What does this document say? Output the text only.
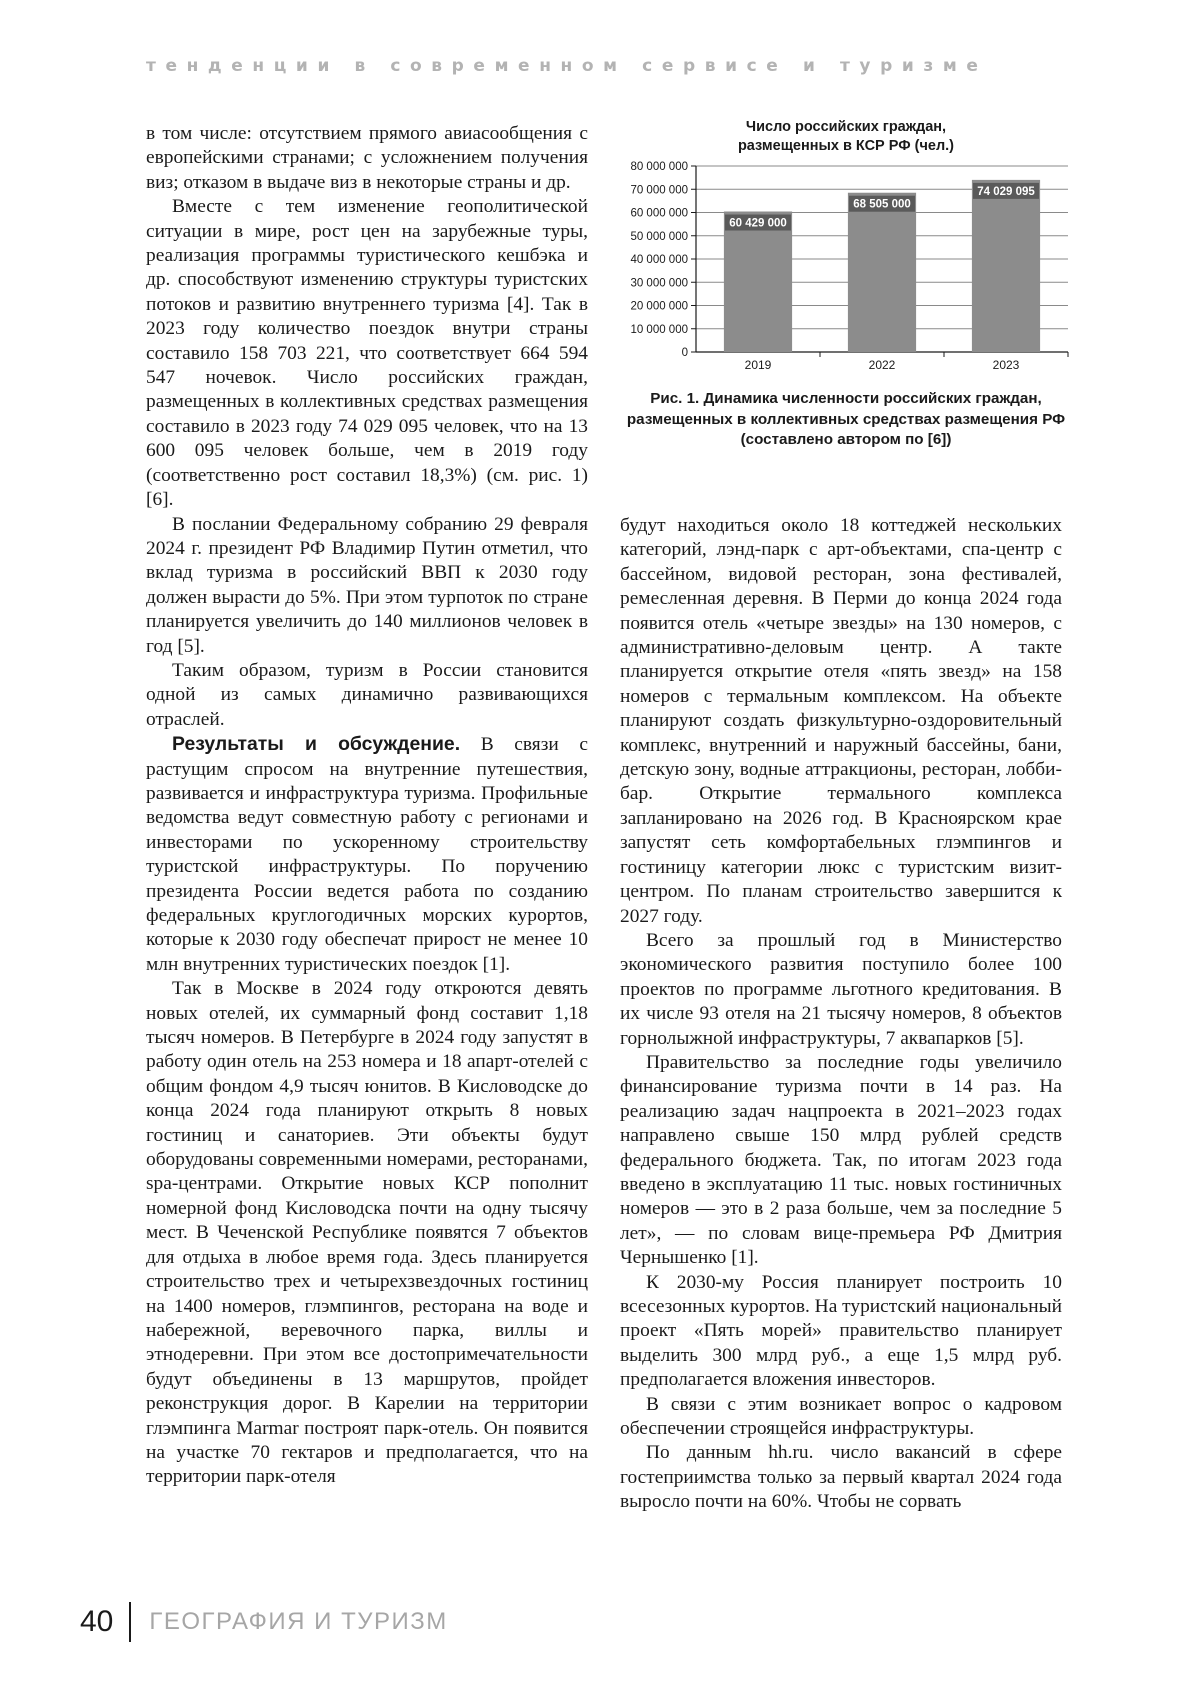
тенденции в современном сервисе и туризме

в том числе: отсутствием прямого авиасообщения с европейскими странами; с усложнением получения виз; отказом в выдаче виз в некоторые страны и др.

Вместе с тем изменение геополитической ситуации в мире, рост цен на зарубежные туры, реализация программы туристического кешбэка и др. способствуют изменению структуры туристских потоков и развитию внутреннего туризма [4]. Так в 2023 году количество поездок внутри страны составило 158 703 221, что соответствует 664 594 547 ночевок. Число российских граждан, размещенных в коллективных средствах размещения составило в 2023 году 74 029 095 человек, что на 13 600 095 человек больше, чем в 2019 году (соответственно рост составил 18,3%) (см. рис. 1) [6].

В послании Федеральному собранию 29 февраля 2024 г. президент РФ Владимир Путин отметил, что вклад туризма в российский ВВП к 2030 году должен вырасти до 5%. При этом турпоток по стране планируется увеличить до 140 миллионов человек в год [5].

Таким образом, туризм в России становится одной из самых динамично развивающихся отраслей.

Результаты и обсуждение. В связи с растущим спросом на внутренние путешествия, развивается и инфраструктура туризма. Профильные ведомства ведут совместную работу с регионами и инвесторами по ускоренному строительству туристской инфраструктуры. По поручению президента России ведется работа по созданию федеральных круглогодичных морских курортов, которые к 2030 году обеспечат прирост не менее 10 млн внутренних туристических поездок [1].

Так в Москве в 2024 году откроются девять новых отелей, их суммарный фонд составит 1,18 тысяч номеров. В Петербурге в 2024 году запустят в работу один отель на 253 номера и 18 апарт-отелей с общим фондом 4,9 тысяч юнитов. В Кисловодске до конца 2024 года планируют открыть 8 новых гостиниц и санаториев. Эти объекты будут оборудованы современными номерами, ресторанами, spa-центрами. Открытие новых КСР пополнит номерной фонд Кисловодска почти на одну тысячу мест. В Чеченской Республике появятся 7 объектов для отдыха в любое время года. Здесь планируется строительство трех и четырехзвездочных гостиниц на 1400 номеров, глэмпингов, ресторана на воде и набережной, веревочного парка, виллы и этнодеревни. При этом все достопримечательности будут объединены в 13 маршрутов, пройдет реконструкция дорог. В Карелии на территории глэмпинга Marmar построят парк-отель. Он появится на участке 70 гектаров и предполагается, что на территории парк-отеля

Число российских граждан,
размещенных в КСР РФ (чел.)
0
10 000 000
20 000 000
30 000 000
40 000 000
50 000 000
60 000 000
70 000 000
80 000 000
2019
60 429 000
2022
68 505 000
2023
74 029 095
Рис. 1. Динамика численности российских граждан, размещенных в коллективных средствах размещения РФ (составлено автором по [6])

будут находиться около 18 коттеджей нескольких категорий, лэнд-парк с арт-объектами, спа-центр с бассейном, видовой ресторан, зона фестивалей, ремесленная деревня. В Перми до конца 2024 года появится отель «четыре звезды» на 130 номеров, с административно-деловым центр. А такте планируется открытие отеля «пять звезд» на 158 номеров с термальным комплексом. На объекте планируют создать физкультурно-оздоровительный комплекс, внутренний и наружный бассейны, бани, детскую зону, водные аттракционы, ресторан, лобби-бар. Открытие термального комплекса запланировано на 2026 год. В Красноярском крае запустят сеть комфортабельных глэмпингов и гостиницу категории люкс с туристским визит-центром. По планам строительство завершится к 2027 году.

Всего за прошлый год в Министерство экономического развития поступило более 100 проектов по программе льготного кредитования. В их числе 93 отеля на 21 тысячу номеров, 8 объектов горнолыжной инфраструктуры, 7 аквапарков [5].

Правительство за последние годы увеличило финансирование туризма почти в 14 раз. На реализацию задач нацпроекта в 2021–2023 годах направлено свыше 150 млрд рублей средств федерального бюджета. Так, по итогам 2023 года введено в эксплуатацию 11 тыс. новых гостиничных номеров — это в 2 раза больше, чем за последние 5 лет», — по словам вице-премьера РФ Дмитрия Чернышенко [1].

К 2030-му Россия планирует построить 10 всесезонных курортов. На туристский национальный проект «Пять морей» правительство планирует выделить 300 млрд руб., а еще 1,5 млрд руб. предполагается вложения инвесторов.

В связи с этим возникает вопрос о кадровом обеспечении строящейся инфраструктуры.

По данным hh.ru. число вакансий в сфере гостеприимства только за первый квартал 2024 года выросло почти на 60%. Чтобы не сорвать

40 ГЕОГРАФИЯ И ТУРИЗМ
